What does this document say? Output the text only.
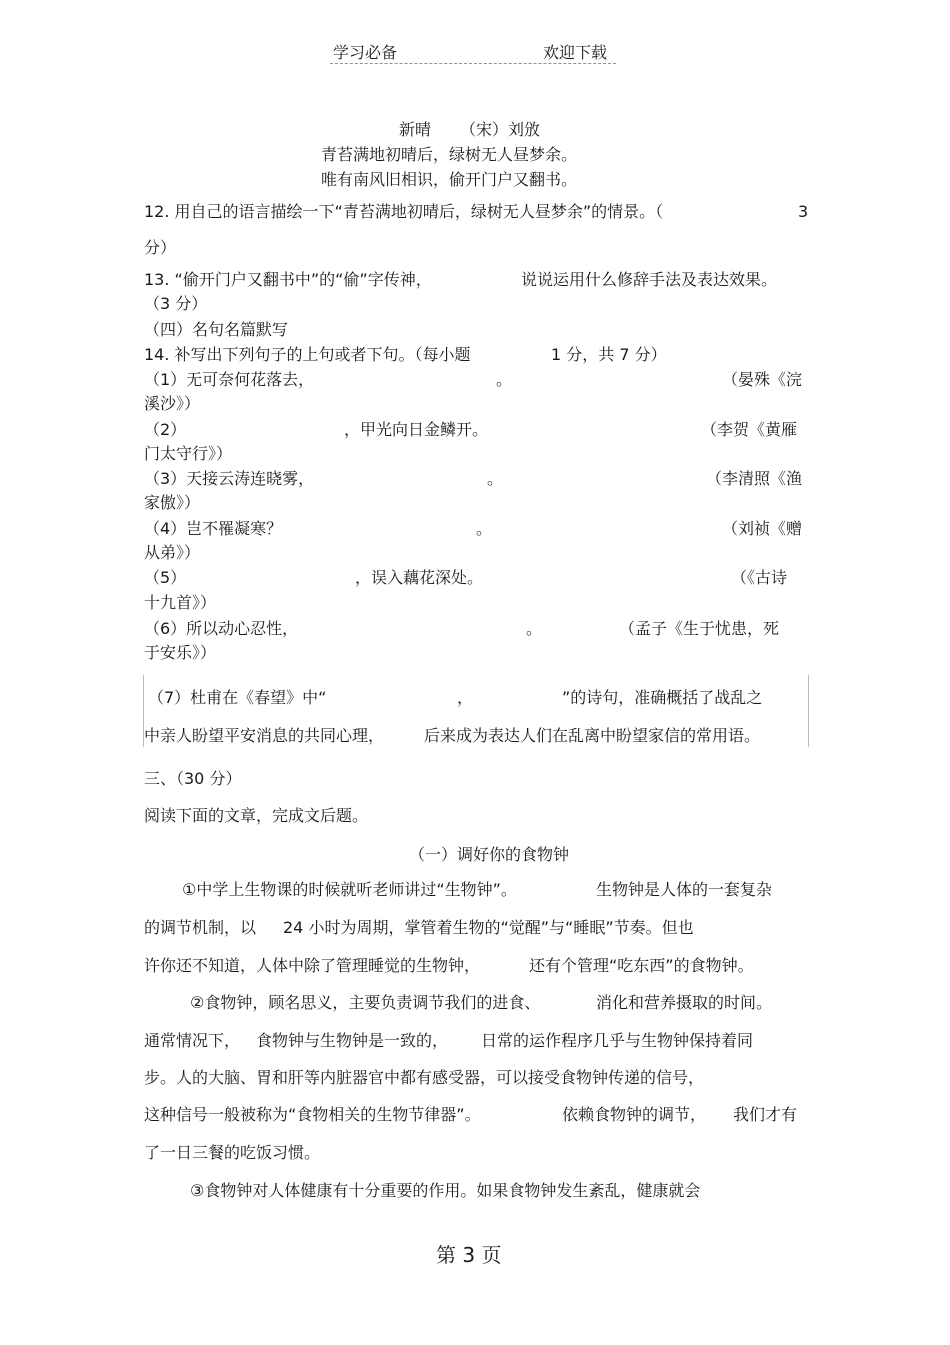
学习必备	欢迎下载
新晴 （宋）刘攽
青苔满地初晴后，绿树无人昼梦余。
唯有南风旧相识，偷开门户又翻书。
12. 用自己的语言描绘一下“青苔满地初晴后，绿树无人昼梦余”的情景。（	3
分）
13. “偷开门户又翻书中”的“偷”字传神，	说说运用什么修辞手法及表达效果。
（3 分）
（四）名句名篇默写
14. 补写出下列句子的上句或者下句。（每小题	1 分，共 7 分）
（1）无可奈何花落去，	。	（晏殊《浣
溪沙》）
（2）	，甲光向日金鳞开。	（李贺《黄雁
门太守行》）
（3）天接云涛连晓雾，	。	（李清照《渔
家傲》）
（4）岂不罹凝寒？	。	（刘祯《赠
从弟》）
（5）	，误入藕花深处。	（《古诗
十九首》）
（6）所以动心忍性，	。	（孟子《生于忧患，死
于安乐》）
（7）杜甫在《春望》中“	，	”的诗句，准确概括了战乱之
中亲人盼望平安消息的共同心理， 后来成为表达人们在乱离中盼望家信的常用语。
三、（30 分）
阅读下面的文章，完成文后题。
（一）调好你的食物钟
①中学上生物课的时候就听老师讲过“生物钟”。	生物钟是人体的一套复杂
的调节机制，以 24 小时为周期，掌管着生物的“觉醒”与“睡眠”节奏。但也
许你还不知道，人体中除了管理睡觉的生物钟，	还有个管理“吃东西”的食物钟。
②食物钟，顾名思义，主要负责调节我们的进食、	消化和营养摄取的时间。
通常情况下， 食物钟与生物钟是一致的， 日常的运作程序几乎与生物钟保持着同
步。人的大脑、胃和肝等内脏器官中都有感受器，可以接受食物钟传递的信号，
这种信号一般被称为“食物相关的生物节律器”。	依赖食物钟的调节， 我们才有
了一日三餐的吃饭习惯。
③食物钟对人体健康有十分重要的作用。如果食物钟发生紊乱，健康就会
第 3 页
